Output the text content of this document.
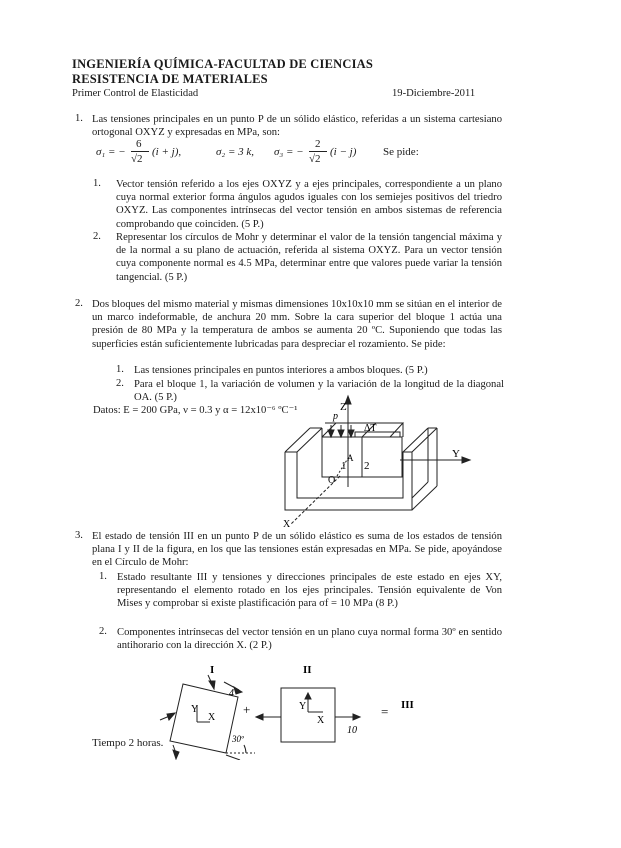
INGENIERÍA QUÍMICA-FACULTAD DE CIENCIAS
RESISTENCIA DE MATERIALES
Primer Control de Elasticidad	19-Diciembre-2011
1. Las tensiones principales en un punto P de un sólido elástico, referidas a un sistema cartesiano ortogonal OXYZ y expresadas en MPa, son:
σ₁ = −
6
√2
(i + j),	σ₂ = 3 k, σ₃ = −
2
√2
(i − j) Se pide:
1. Vector tensión referido a los ejes OXYZ y a ejes principales, correspondiente a un plano cuya normal exterior forma ángulos agudos iguales con los semiejes positivos del triedro OXYZ. Las componentes intrínsecas del vector tensión en ambos sistemas de referencia comprobando que coinciden. (5 P.)
2. Representar los círculos de Mohr y determinar el valor de la tensión tangencial máxima y de la normal a su plano de actuación, referida al sistema OXYZ. Para un vector tensión cuya componente normal es 4.5 MPa, determinar entre que valores puede variar la tensión tangencial. (5 P.)
2. Dos bloques del mismo material y mismas dimensiones 10x10x10 mm se sitúan en el interior de un marco indeformable, de anchura 20 mm. Sobre la cara superior del bloque 1 actúa una presión de 80 MPa y la temperatura de ambos se aumenta 20 ºC. Suponiendo que todas las superficies están suficientemente lubricadas para despreciar el rozamiento. Se pide:
1. Las tensiones principales en puntos interiores a ambos bloques. (5 P.)
2. Para el bloque 1, la variación de volumen y la variación de la longitud de la diagonal OA. (5 P.)
Datos: E = 200 GPa, ν = 0.3 y α = 12x10⁻⁶ ºC⁻¹	Z
Y
X
p
ΔT
A
O
1 2
3. El estado de tensión III en un punto P de un sólido elástico es suma de los estados de tensión plana I y II de la figura, en los que las tensiones están expresadas en MPa. Se pide, apoyándose en el Círculo de Mohr:
1. Estado resultante III y tensiones y direcciones principales de este estado en ejes XY, representando el elemento rotado en los ejes principales. Tensión equivalente de Von Mises y comprobar si existe plastificación para σf = 10 MPa (8 P.)
2. Componentes intrínsecas del vector tensión en un plano cuya normal forma 30º en sentido antihorario con la dirección X. (2 P.)
I	II
III
+	=
Y
X
4
30º
Y
X
10
Tiempo 2 horas.
